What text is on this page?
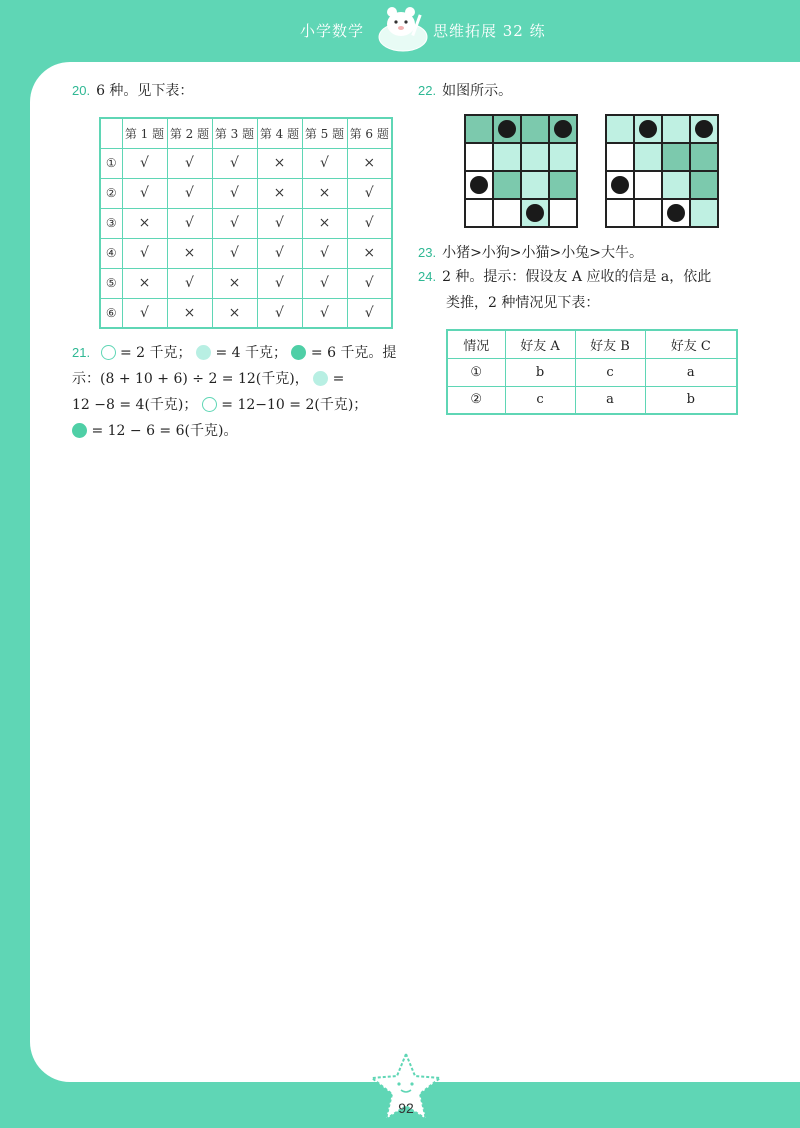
小学数学	思维拓展 32 练
20. 6 种。见下表：
	第 1 题	第 2 题	第 3 题	第 4 题	第 5 题	第 6 题
①	√	√	√	×	√	×
②	√	√	√	×	×	√
③	×	√	√	√	×	√
④	√	×	√	√	√	×
⑤	×	√	×	√	√	√
⑥	√	×	×	√	√	√
21. = 2 千克； = 4 千克； = 6 千克。提
示：(8 + 10 + 6) ÷ 2 = 12(千克)， =
12 −8 = 4(千克)； = 12−10 = 2(千克)；
= 12 − 6 = 6(千克)。
22. 如图所示。
23. 小猪>小狗>小猫>小兔>大牛。
24. 2 种。提示：假设友 A 应收的信是 a，依此
类推，2 种情况见下表：
情况	好友 A	好友 B	好友 C
①	b	c	a
②	c	a	b
92
